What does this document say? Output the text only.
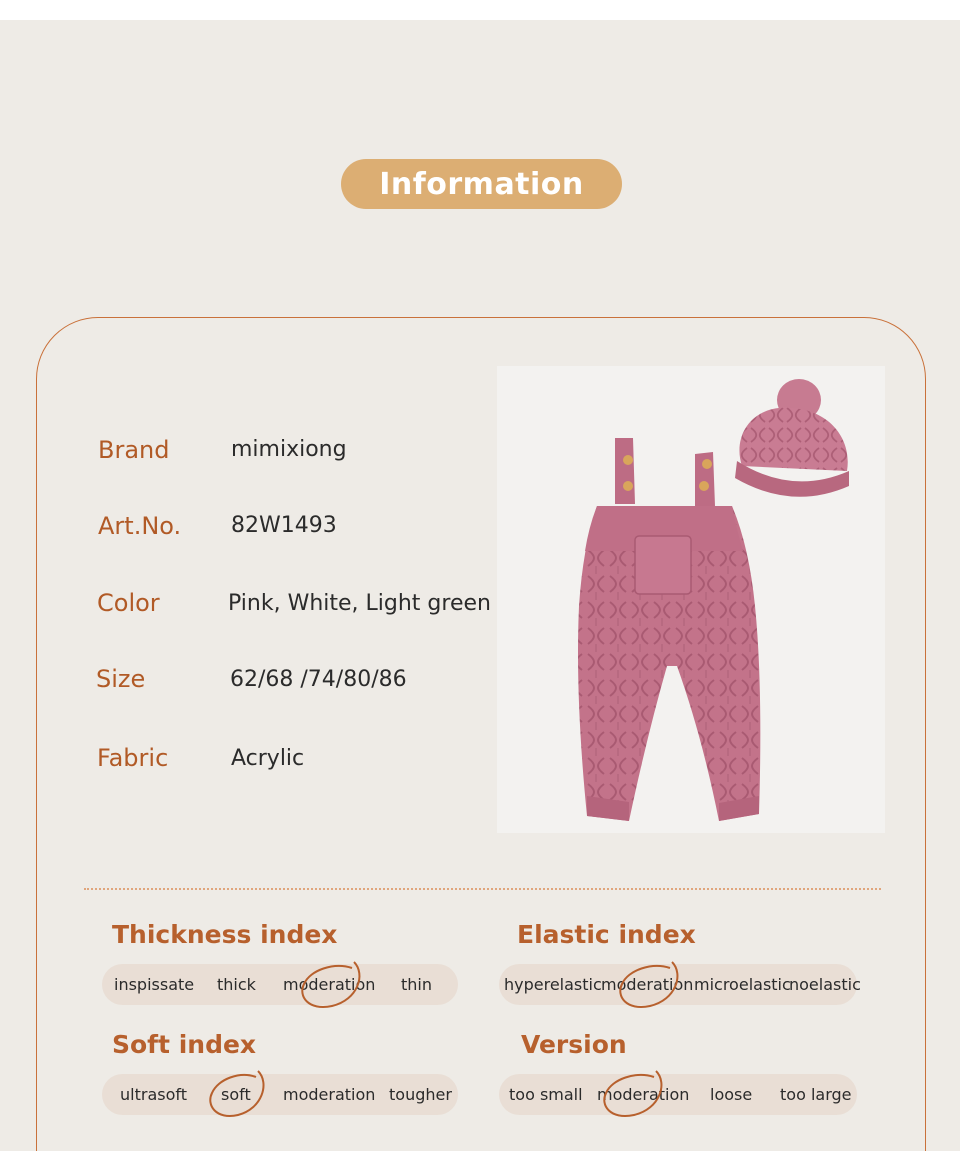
Information
Brand	mimixiong
Art.No. 82W1493
Color	Pink, White, Light green
Size	62/68 /74/80/86
Fabric	Acrylic
Thickness index
inspissate thick moderation thin
Elastic index
hyperelastic moderation microelastic
noelastic
Soft index
ultrasoft soft moderation tougher
Version
too small moderation loose too large
